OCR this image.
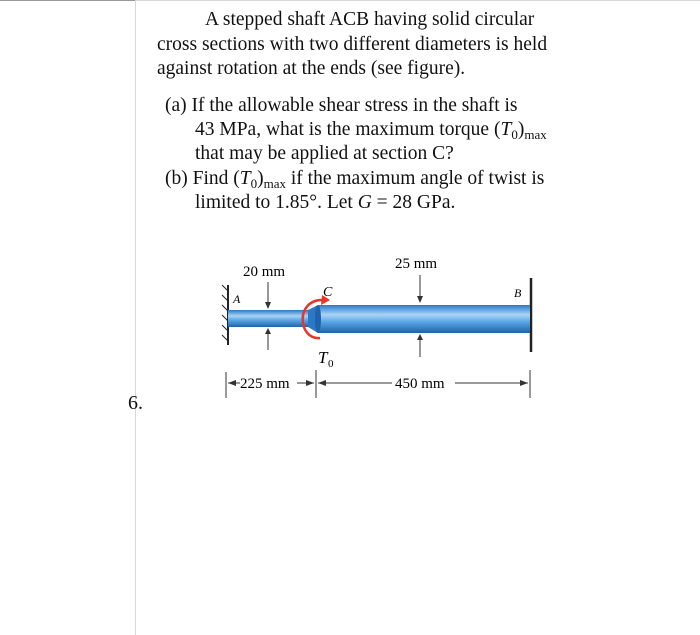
6.
A stepped shaft ACB having solid circular
cross sections with two different diameters is held
against rotation at the ends (see figure).
(a) If the allowable shear stress in the shaft is
43 MPa, what is the maximum torque $(T_0)_{max}$
that may be applied at section C?
(b) Find $(T_0)_{max}$ if the maximum angle of twist is
limited to 1.85°. Let G = 28 GPa.
A	B
C
T 0
20 mm	25 mm
225 mm	450 mm
